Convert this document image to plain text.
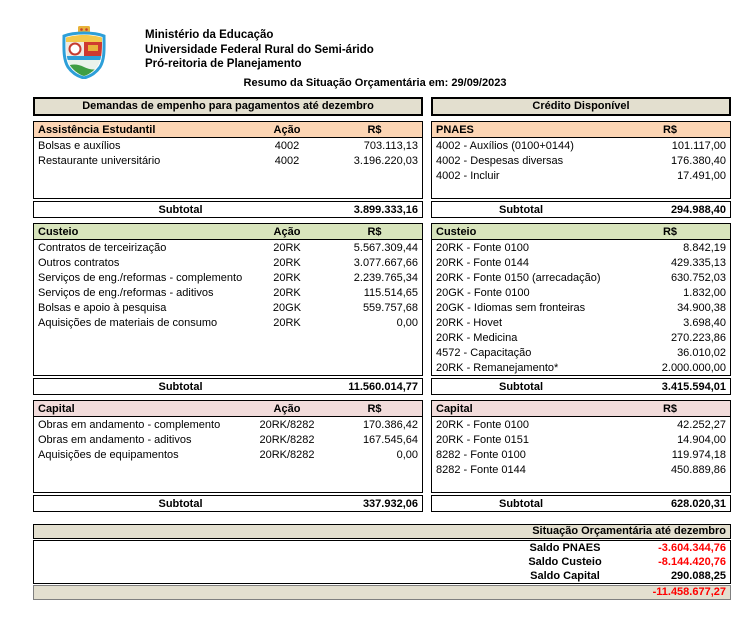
Ministério da Educação
Universidade Federal Rural do Semi-árido
Pró-reitoria de Planejamento
Resumo da Situação Orçamentária em: 29/09/2023
Demandas de empenho para pagamentos até dezembro
Assistência Estudantil	Ação	R$
Bolsas e auxílios	4002	703.113,13
Restaurante universitário	4002	3.196.220,03
Subtotal	3.899.333,16
Custeio	Ação	R$
Contratos de terceirização	20RK	5.567.309,44
Outros contratos	20RK	3.077.667,66
Serviços de eng./reformas - complemento	20RK	2.239.765,34
Serviços de eng./reformas - aditivos	20RK	115.514,65
Bolsas e apoio à pesquisa	20GK	559.757,68
Aquisições de materiais de consumo	20RK	0,00
Subtotal	11.560.014,77
Capital	Ação	R$
Obras em andamento - complemento	20RK/8282	170.386,42
Obras em andamento - aditivos	20RK/8282	167.545,64
Aquisições de equipamentos	20RK/8282	0,00
Subtotal	337.932,06
Crédito Disponível
PNAES	R$
4002 - Auxílios (0100+0144)	101.117,00
4002 - Despesas diversas	176.380,40
4002 - Incluir	17.491,00
Subtotal	294.988,40
Custeio	R$
20RK - Fonte 0100	8.842,19
20RK - Fonte 0144	429.335,13
20RK - Fonte 0150 (arrecadação)	630.752,03
20GK - Fonte 0100	1.832,00
20GK - Idiomas sem fronteiras	34.900,38
20RK - Hovet	3.698,40
20RK - Medicina	270.223,86
4572 - Capacitação	36.010,02
20RK - Remanejamento*	2.000.000,00
Subtotal	3.415.594,01
Capital	R$
20RK - Fonte 0100	42.252,27
20RK - Fonte 0151	14.904,00
8282 - Fonte 0100	119.974,18
8282 - Fonte 0144	450.889,86
Subtotal	628.020,31
Situação Orçamentária até dezembro
Saldo PNAES	-3.604.344,76
Saldo Custeio	-8.144.420,76
Saldo Capital	290.088,25
-11.458.677,27
